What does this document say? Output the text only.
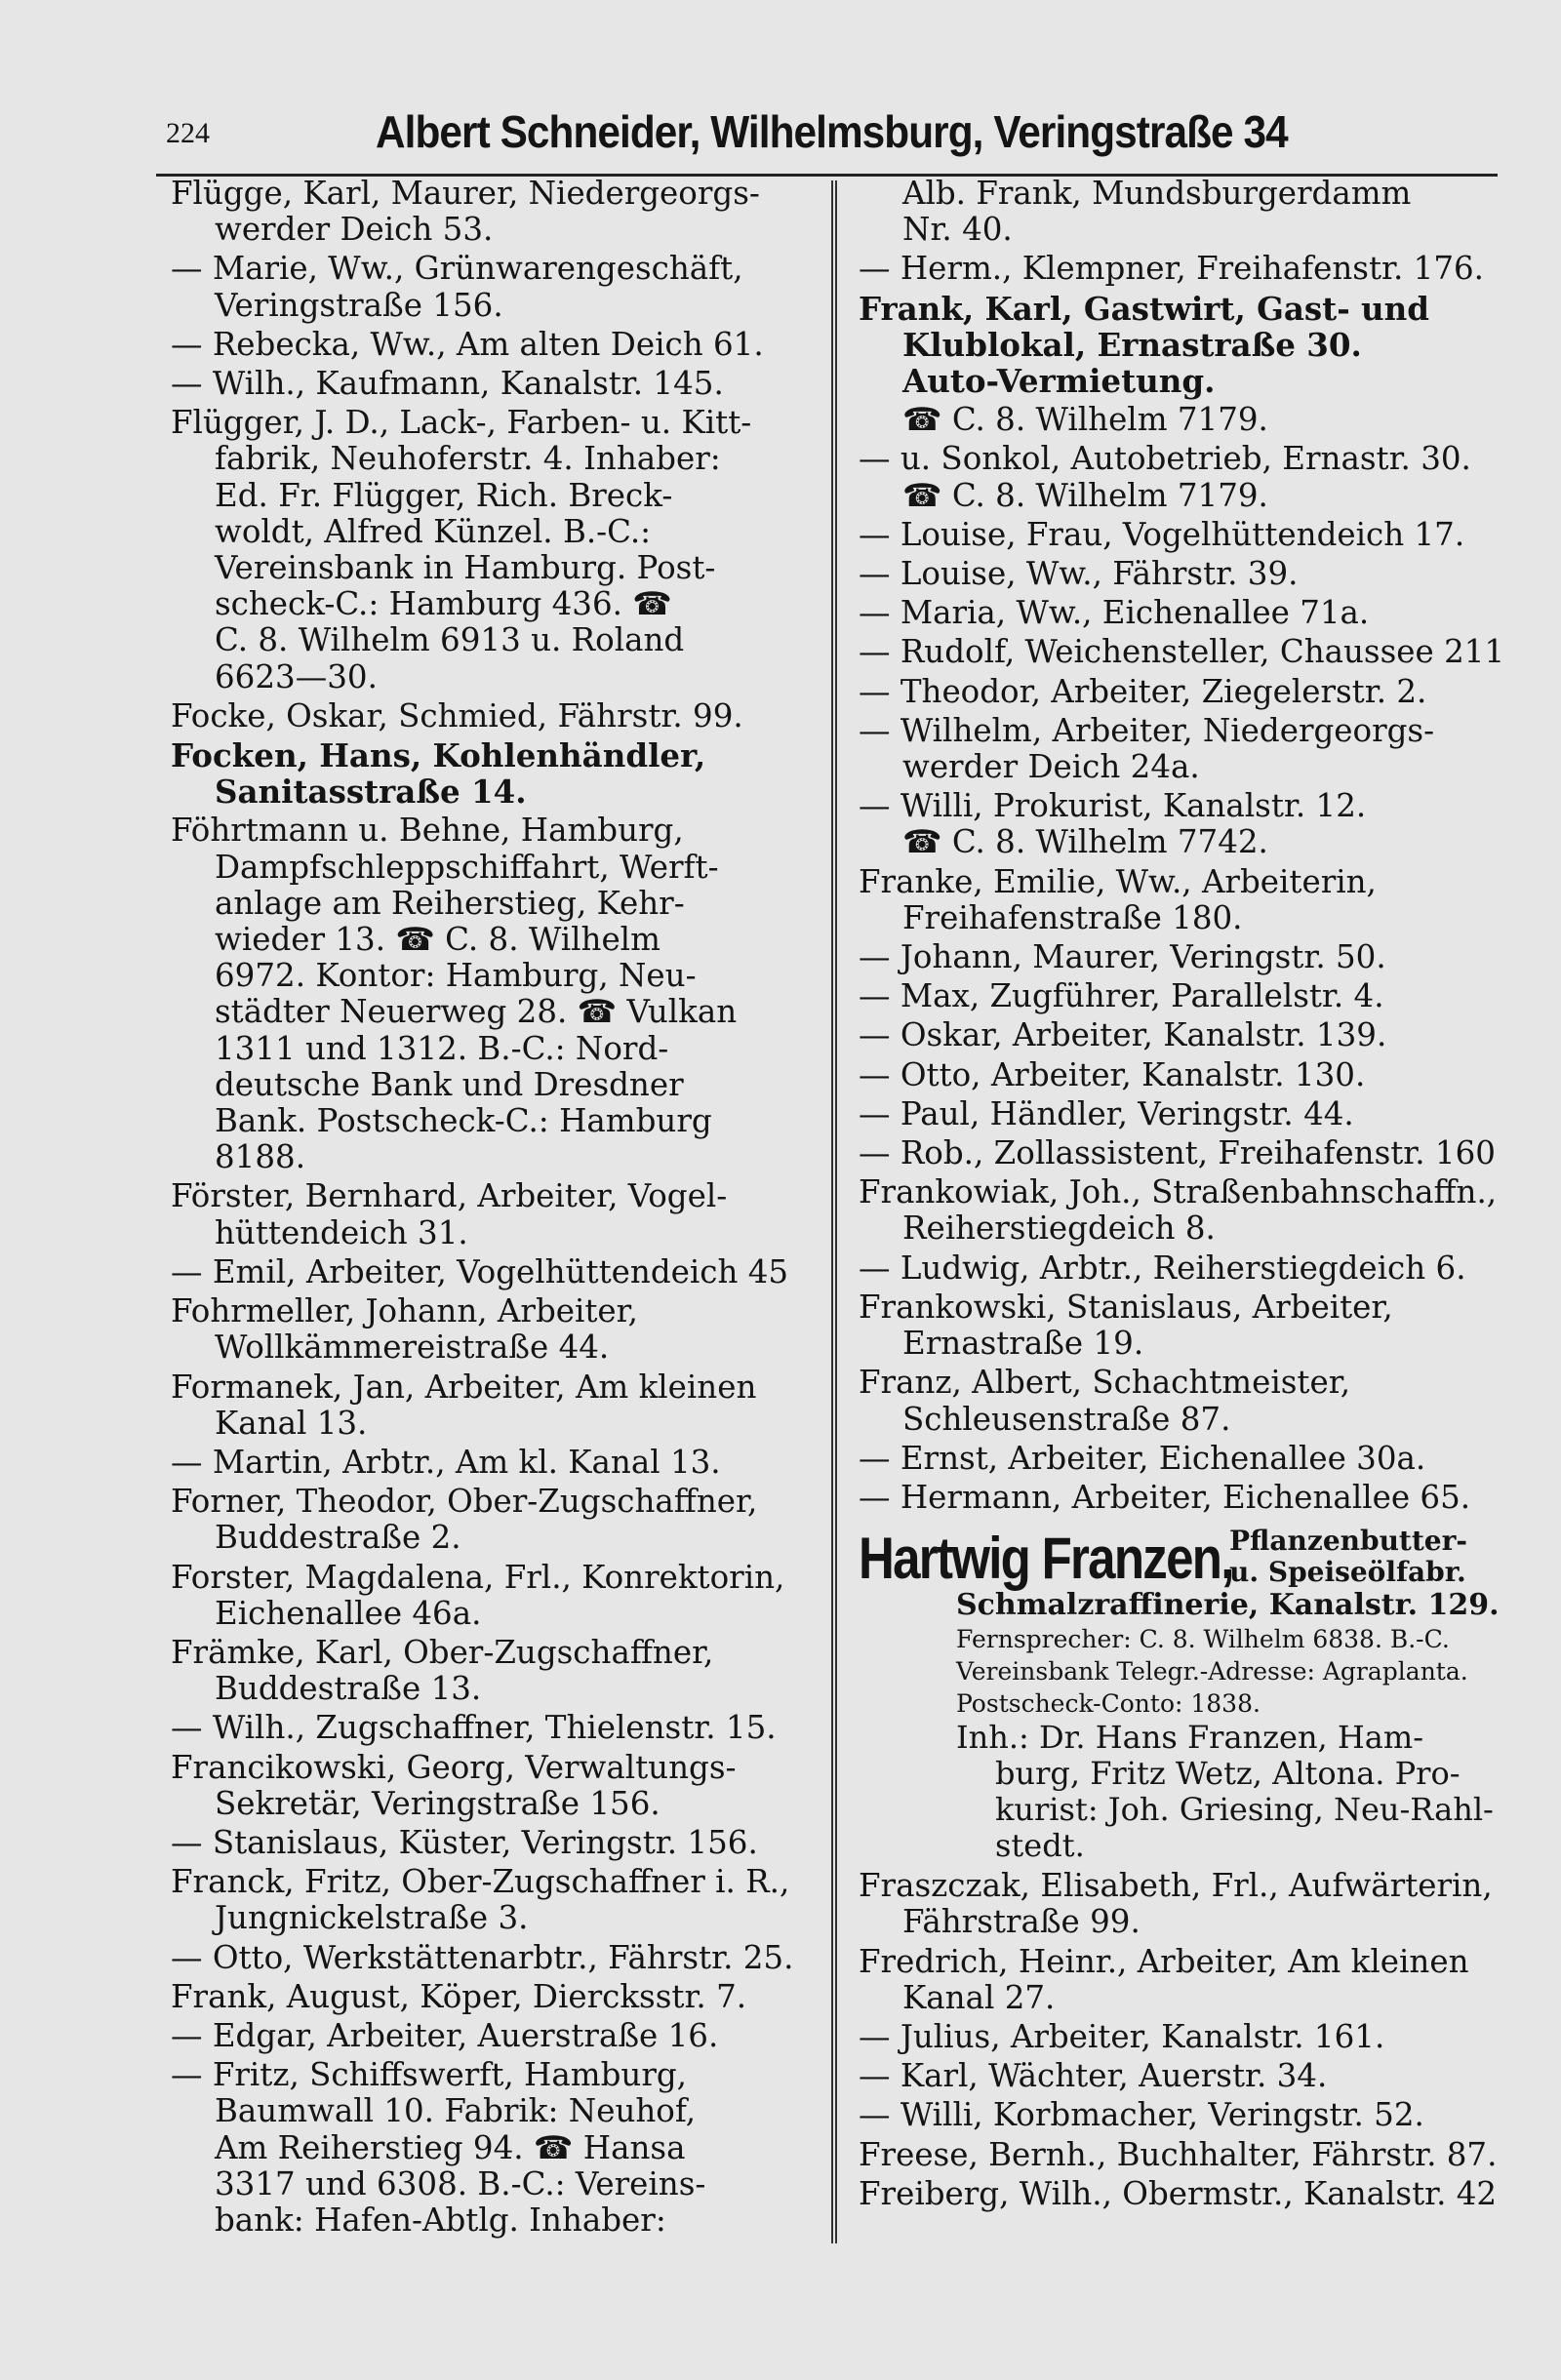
224	Albert Schneider, Wilhelmsburg, Veringstraße 34

Flügge, Karl, Maurer, Niedergeorgs-

werder Deich 53.

— Marie, Ww., Grünwarengeschäft,

Veringstraße 156.

— Rebecka, Ww., Am alten Deich 61.

— Wilh., Kaufmann, Kanalstr. 145.

Flügger, J. D., Lack-, Farben- u. Kitt-

fabrik, Neuhoferstr. 4. Inhaber:

Ed. Fr. Flügger, Rich. Breck-

woldt, Alfred Künzel. B.-C.:

Vereinsbank in Hamburg. Post-

scheck-C.: Hamburg 436. ☎

C. 8. Wilhelm 6913 u. Roland

6623—30.

Focke, Oskar, Schmied, Fährstr. 99.

Focken, Hans, Kohlenhändler,

Sanitasstraße 14.

Föhrtmann u. Behne, Hamburg,

Dampfschleppschiffahrt, Werft-

anlage am Reiherstieg, Kehr-

wieder 13. ☎ C. 8. Wilhelm

6972. Kontor: Hamburg, Neu-

städter Neuerweg 28. ☎ Vulkan

1311 und 1312. B.-C.: Nord-

deutsche Bank und Dresdner

Bank. Postscheck-C.: Hamburg

8188.

Förster, Bernhard, Arbeiter, Vogel-

hüttendeich 31.

— Emil, Arbeiter, Vogelhüttendeich 45

Fohrmeller, Johann, Arbeiter,

Wollkämmereistraße 44.

Formanek, Jan, Arbeiter, Am kleinen

Kanal 13.

— Martin, Arbtr., Am kl. Kanal 13.

Forner, Theodor, Ober-Zugschaffner,

Buddestraße 2.

Forster, Magdalena, Frl., Konrektorin,

Eichenallee 46a.

Främke, Karl, Ober-Zugschaffner,

Buddestraße 13.

— Wilh., Zugschaffner, Thielenstr. 15.

Francikowski, Georg, Verwaltungs-

Sekretär, Veringstraße 156.

— Stanislaus, Küster, Veringstr. 156.

Franck, Fritz, Ober-Zugschaffner i. R.,

Jungnickelstraße 3.

— Otto, Werkstättenarbtr., Fährstr. 25.

Frank, August, Köper, Diercksstr. 7.

— Edgar, Arbeiter, Auerstraße 16.

— Fritz, Schiffswerft, Hamburg,

Baumwall 10. Fabrik: Neuhof,

Am Reiherstieg 94. ☎ Hansa

3317 und 6308. B.-C.: Vereins-

bank: Hafen-Abtlg. Inhaber:

Alb. Frank, Mundsburgerdamm

Nr. 40.

— Herm., Klempner, Freihafenstr. 176.

Frank, Karl, Gastwirt, Gast- und

Klublokal, Ernastraße 30.

Auto-Vermietung.

☎ C. 8. Wilhelm 7179.

— u. Sonkol, Autobetrieb, Ernastr. 30.

☎ C. 8. Wilhelm 7179.

— Louise, Frau, Vogelhüttendeich 17.

— Louise, Ww., Fährstr. 39.

— Maria, Ww., Eichenallee 71a.

— Rudolf, Weichensteller, Chaussee 211

— Theodor, Arbeiter, Ziegelerstr. 2.

— Wilhelm, Arbeiter, Niedergeorgs-

werder Deich 24a.

— Willi, Prokurist, Kanalstr. 12.

☎ C. 8. Wilhelm 7742.

Franke, Emilie, Ww., Arbeiterin,

Freihafenstraße 180.

— Johann, Maurer, Veringstr. 50.

— Max, Zugführer, Parallelstr. 4.

— Oskar, Arbeiter, Kanalstr. 139.

— Otto, Arbeiter, Kanalstr. 130.

— Paul, Händler, Veringstr. 44.

— Rob., Zollassistent, Freihafenstr. 160

Frankowiak, Joh., Straßenbahnschaffn.,

Reiherstiegdeich 8.

— Ludwig, Arbtr., Reiherstiegdeich 6.

Frankowski, Stanislaus, Arbeiter,

Ernastraße 19.

Franz, Albert, Schachtmeister,

Schleusenstraße 87.

— Ernst, Arbeiter, Eichenallee 30a.

— Hermann, Arbeiter, Eichenallee 65.

Hartwig Franzen,
Pflanzenbutter-
u. Speiseölfabr.
Schmalzraffinerie, Kanalstr. 129.
Fernsprecher: C. 8. Wilhelm 6838. B.-C.
Vereinsbank Telegr.-Adresse: Agraplanta.
Postscheck-Conto: 1838.
Inh.: Dr. Hans Franzen, Ham-
burg, Fritz Wetz, Altona. Pro-
kurist: Joh. Griesing, Neu-Rahl-
stedt.

Fraszczak, Elisabeth, Frl., Aufwärterin,

Fährstraße 99.

Fredrich, Heinr., Arbeiter, Am kleinen

Kanal 27.

— Julius, Arbeiter, Kanalstr. 161.

— Karl, Wächter, Auerstr. 34.

— Willi, Korbmacher, Veringstr. 52.

Freese, Bernh., Buchhalter, Fährstr. 87.

Freiberg, Wilh., Obermstr., Kanalstr. 42
